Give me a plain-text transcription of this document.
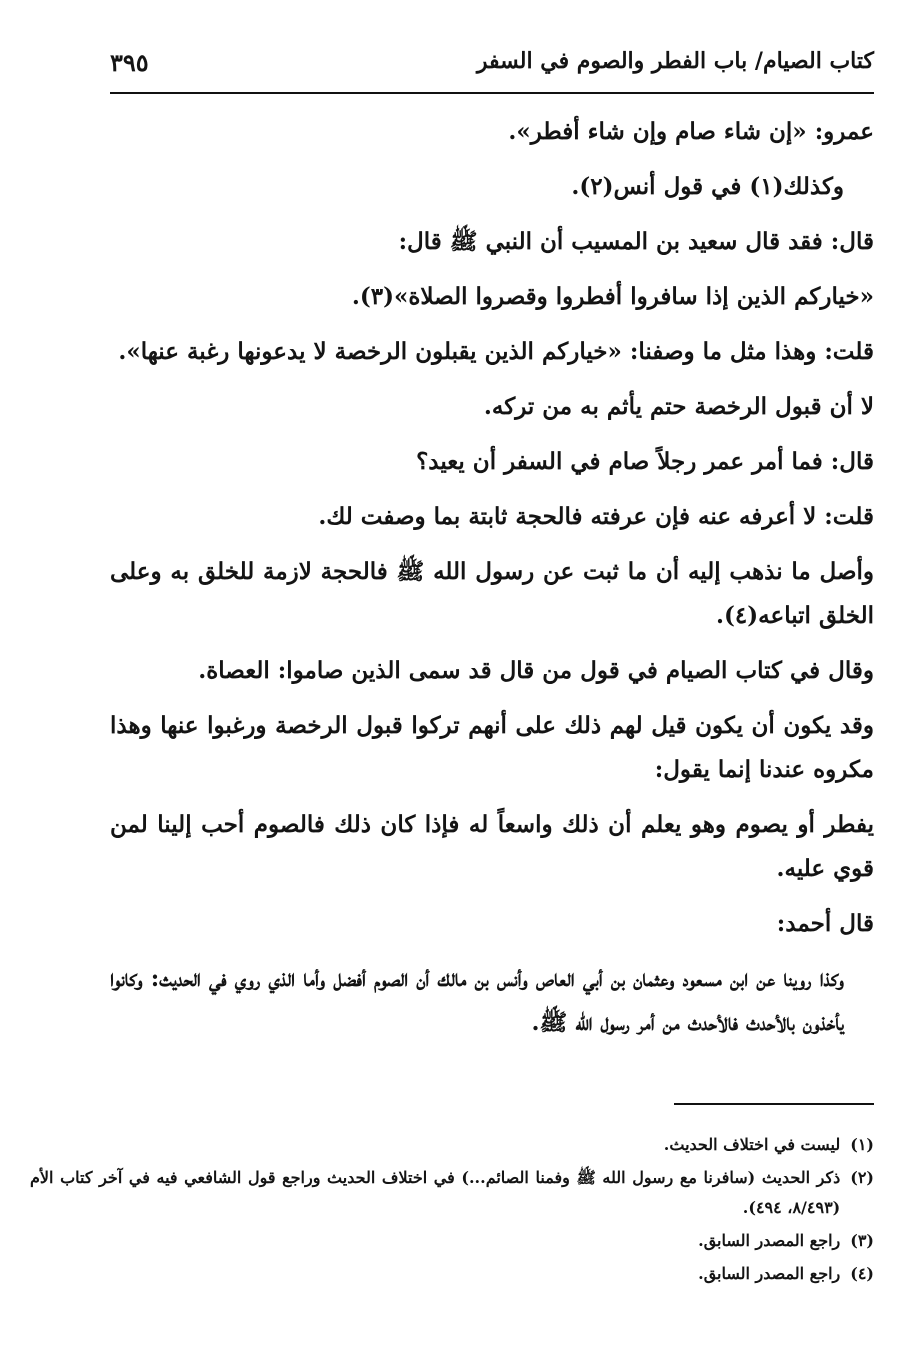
كتاب الصيام/ باب الفطر والصوم في السفر
٣٩٥

عمرو: «إن شاء صام وإن شاء أفطر».

وكذلك(١) في قول أنس(٢).

قال: فقد قال سعيد بن المسيب أن النبي ﷺ قال:

«خياركم الذين إذا سافروا أفطروا وقصروا الصلاة»(٣).

قلت: وهذا مثل ما وصفنا: «خياركم الذين يقبلون الرخصة لا يدعونها رغبة عنها».

لا أن قبول الرخصة حتم يأثم به من تركه.

قال: فما أمر عمر رجلاً صام في السفر أن يعيد؟

قلت: لا أعرفه عنه فإن عرفته فالحجة ثابتة بما وصفت لك.

وأصل ما نذهب إليه أن ما ثبت عن رسول الله ﷺ فالحجة لازمة للخلق به وعلى الخلق اتباعه(٤).

وقال في كتاب الصيام في قول من قال قد سمى الذين صاموا: العصاة.

وقد يكون أن يكون قيل لهم ذلك على أنهم تركوا قبول الرخصة ورغبوا عنها وهذا مكروه عندنا إنما يقول:

يفطر أو يصوم وهو يعلم أن ذلك واسعاً له فإذا كان ذلك فالصوم أحب إلينا لمن قوي عليه.

قال أحمد:

وكذا روينا عن ابن مسعود وعثمان بن أبي العاص وأنس بن مالك أن الصوم أفضل وأما الذي روي في الحديث: وكانوا يأخذون بالأحدث فالأحدث من أمر رسول الله ﷺ.

(١)
ليست في اختلاف الحديث.
(٢)
ذكر الحديث (سافرنا مع رسول الله ﷺ وفمنا الصائم...) في اختلاف الحديث وراجع قول الشافعي فيه في آخر كتاب الأم (٨/٤٩٣، ٤٩٤).
(٣)
راجع المصدر السابق.
(٤)
راجع المصدر السابق.
